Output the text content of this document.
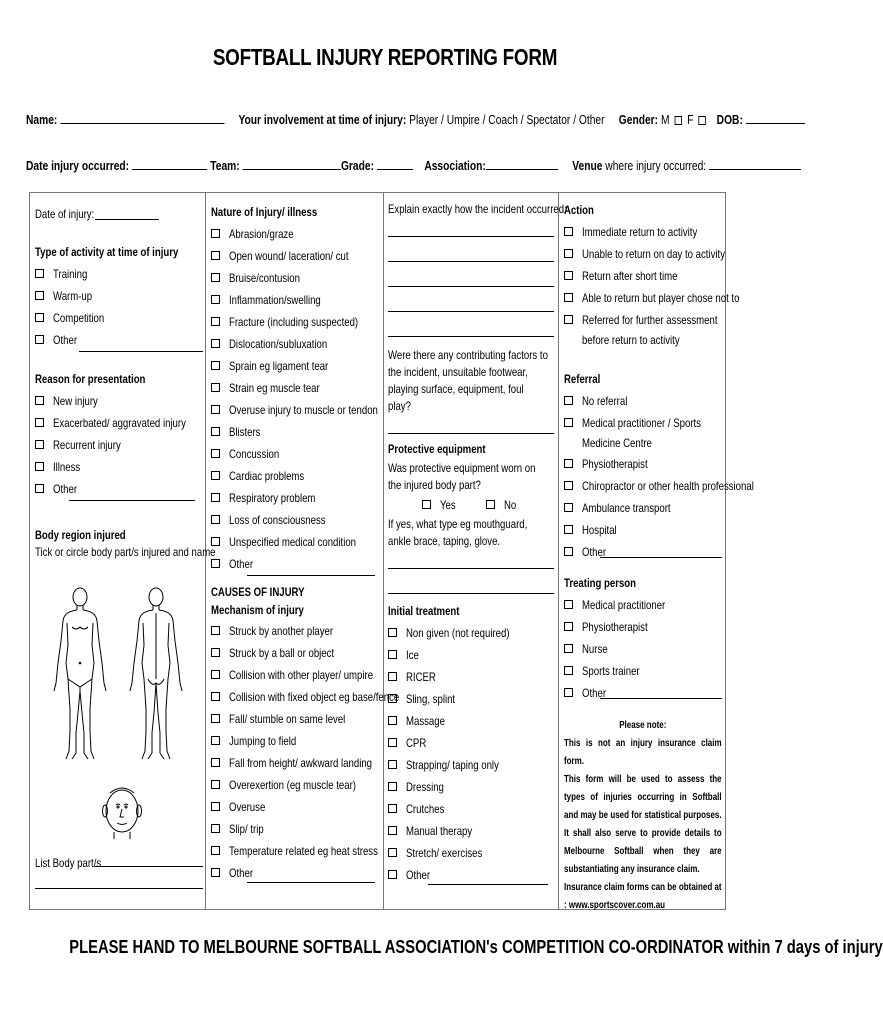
SOFTBALL INJURY REPORTING FORM
Name:	Your involvement at time of injury: Player / Umpire / Coach / Spectator / Other Gender: M F DOB:
Date injury occurred:	Team:	Grade:	Association:	Venue where injury occurred:
Date of injury:
Type of activity at time of injury
Training
Warm-up
Competition
Other
Reason for presentation
New injury
Exacerbated/ aggravated injury
Recurrent injury
Illness
Other
Body region injured
Tick or circle body part/s injured and name
List Body part/s
Nature of Injury/ illness
Abrasion/graze
Open wound/ laceration/ cut
Bruise/contusion
Inflammation/swelling
Fracture (including suspected)
Dislocation/subluxation
Sprain eg ligament tear
Strain eg muscle tear
Overuse injury to muscle or tendon
Blisters
Concussion
Cardiac problems
Respiratory problem
Loss of consciousness
Unspecified medical condition
Other
CAUSES OF INJURY
Mechanism of injury
Struck by another player
Struck by a ball or object
Collision with other player/ umpire
Collision with fixed object eg base/fence
Fall/ stumble on same level
Jumping to field
Fall from height/ awkward landing
Overexertion (eg muscle tear)
Overuse
Slip/ trip
Temperature related eg heat stress
Other
Explain exactly how the incident occurred:
Were there any contributing factors to the incident, unsuitable footwear, playing surface, equipment, foul play?
Protective equipment
Was protective equipment worn on the injured body part?
Yes	No
If yes, what type eg mouthguard, ankle brace, taping, glove.
Initial treatment
Non given (not required)
Ice
RICER
Sling, splint
Massage
CPR
Strapping/ taping only
Dressing
Crutches
Manual therapy
Stretch/ exercises
Other
Action
Immediate return to activity
Unable to return on day to activity
Return after short time
Able to return but player chose not to
Referred for further assessment before return to activity
Referral
No referral
Medical practitioner / Sports Medicine Centre
Physiotherapist
Chiropractor or other health professional
Ambulance transport
Hospital
Other
Treating person
Medical practitioner
Physiotherapist
Nurse
Sports trainer
Other
Please note:
This is not an injury insurance claim form.
This form will be used to assess the types of injuries occurring in Softball and may be used for statistical purposes. It shall also serve to provide details to Melbourne Softball when they are substantiating any insurance claim.
Insurance claim forms can be obtained at : www.sportscover.com.au
PLEASE HAND TO MELBOURNE SOFTBALL ASSOCIATION's COMPETITION CO-ORDINATOR within 7 days of injury
